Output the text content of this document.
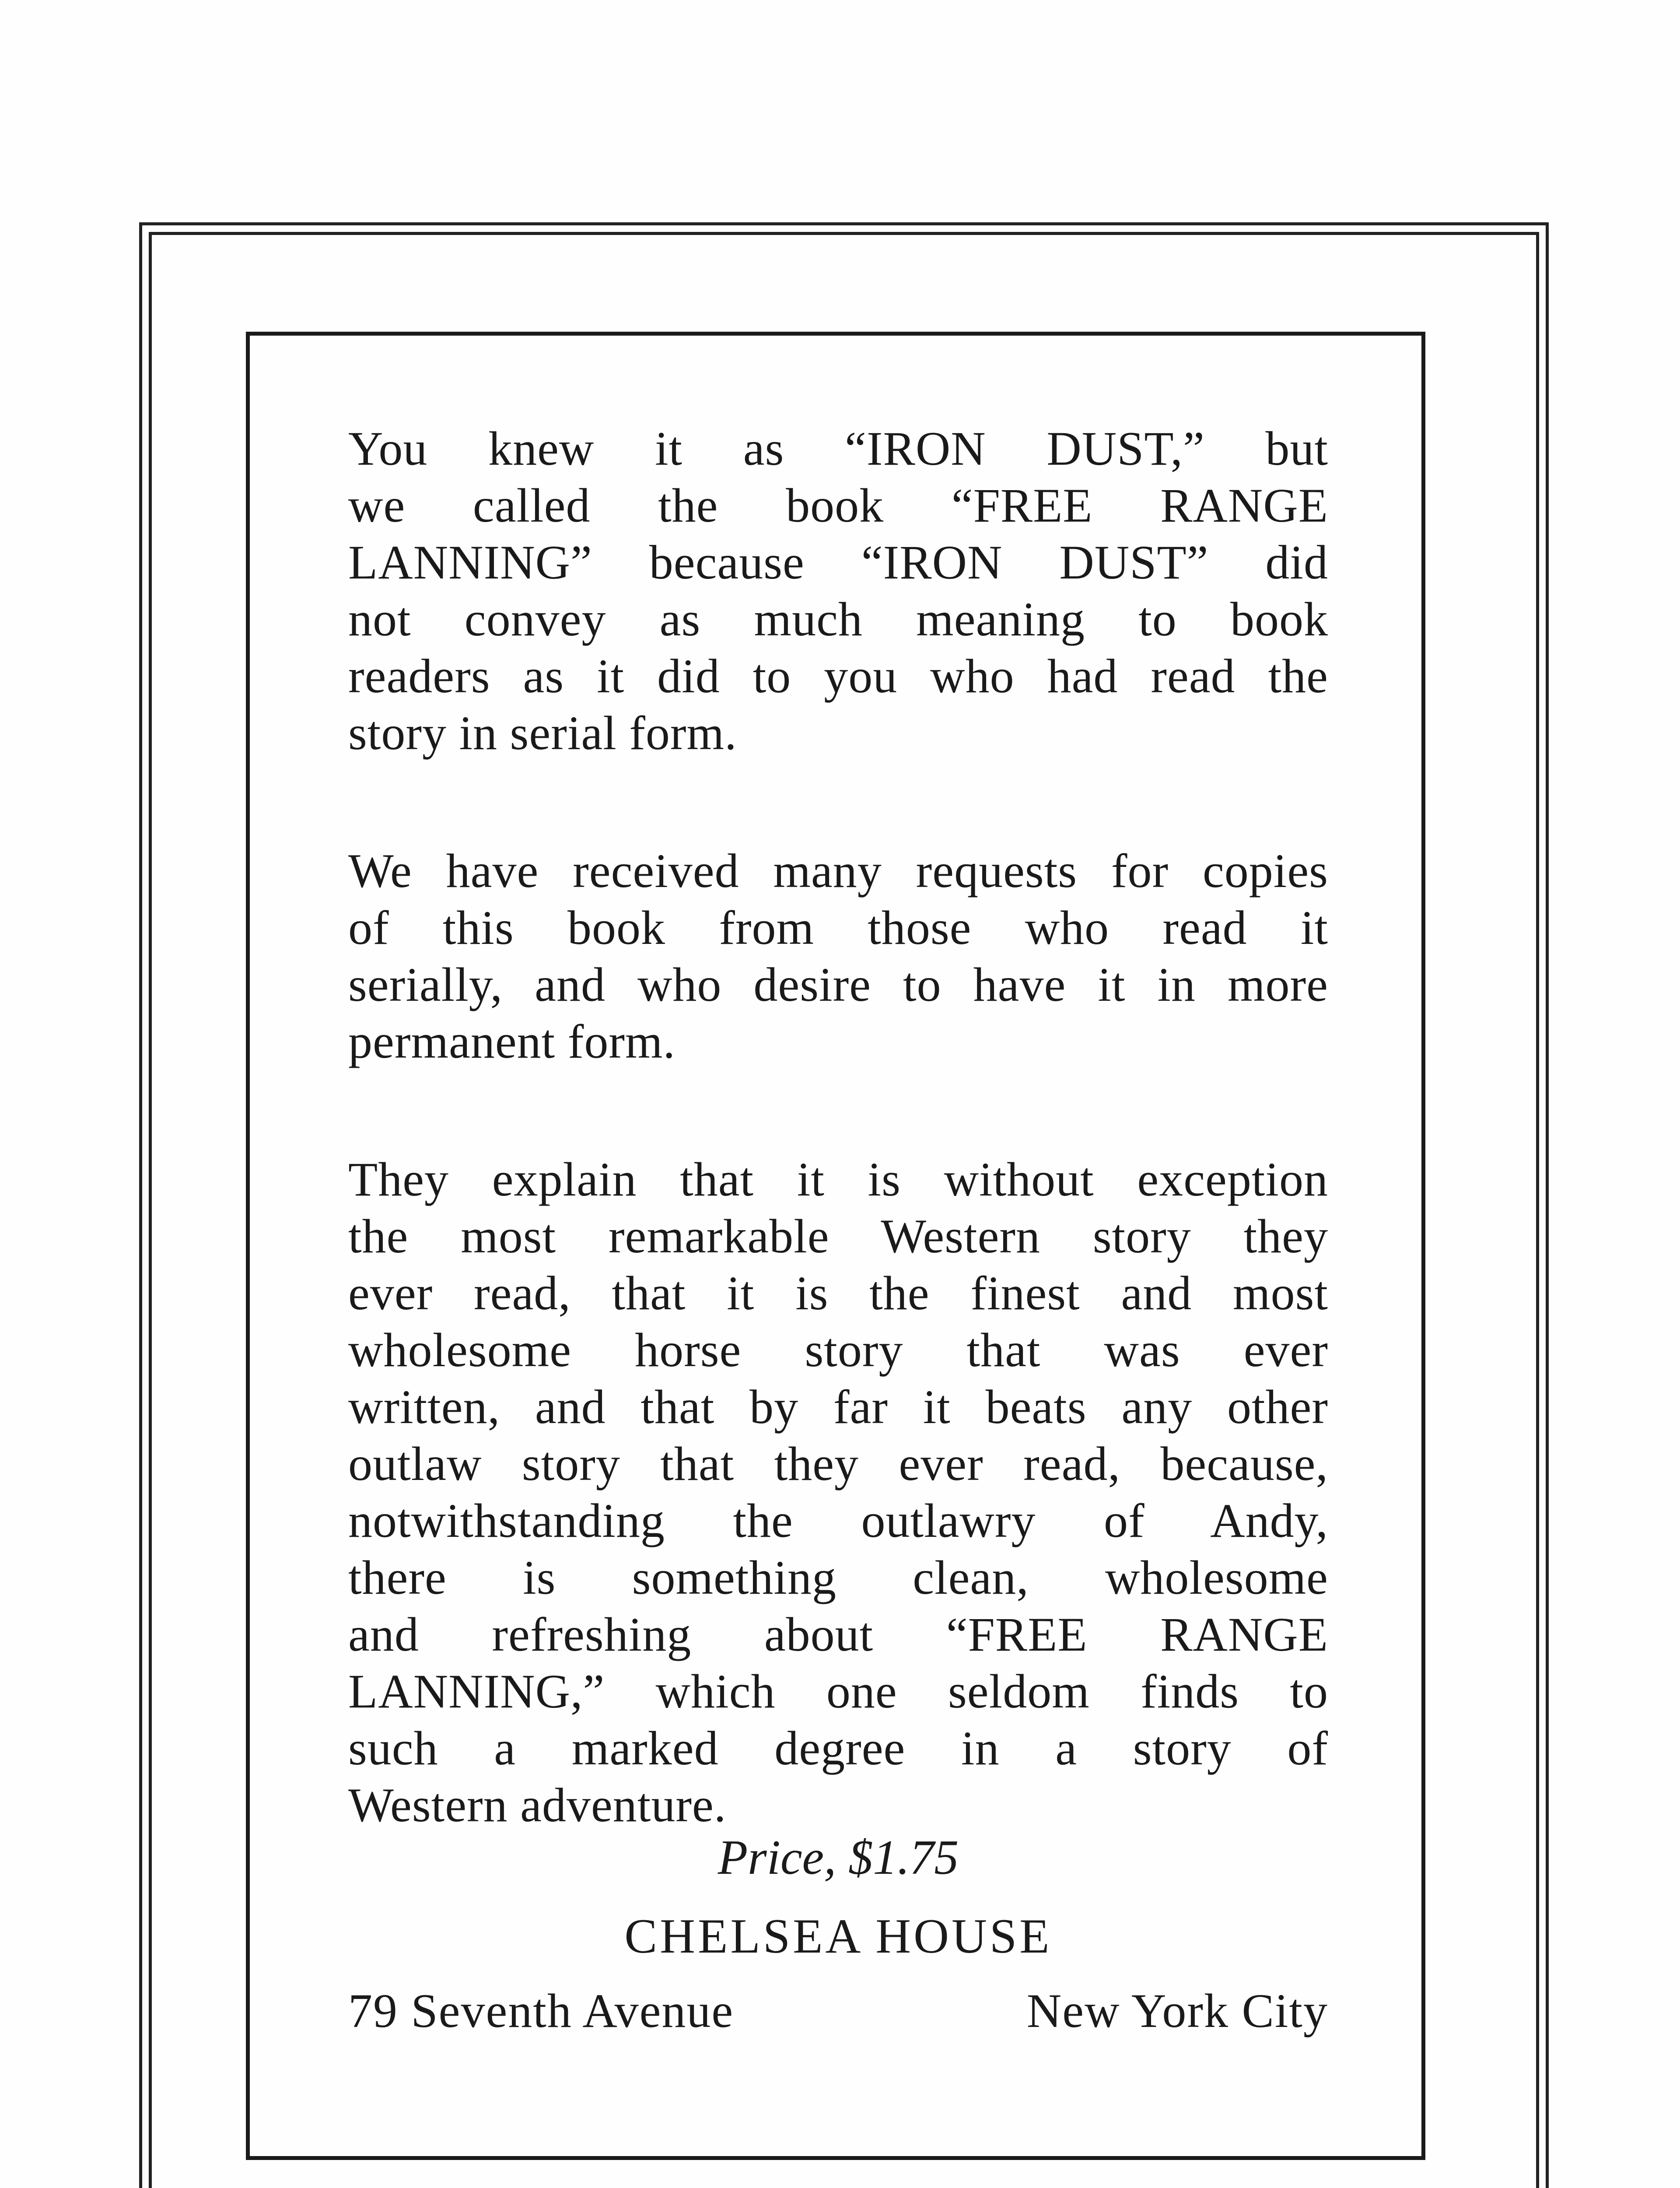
You knew it as “IRON DUST,” but
we called the book “FREE RANGE
LANNING” because “IRON DUST” did
not convey as much meaning to book
readers as it did to you who had read the
story in serial form.

We have received many requests for copies
of this book from those who read it
serially, and who desire to have it in more
permanent form.

They explain that it is without exception
the most remarkable Western story they
ever read, that it is the finest and most
wholesome horse story that was ever
written, and that by far it beats any other
outlaw story that they ever read, because,
notwithstanding the outlawry of Andy,
there is something clean, wholesome
and refreshing about “FREE RANGE
LANNING,” which one seldom finds to
such a marked degree in a story of
Western adventure.

Price, $1.75
CHELSEA HOUSE
79 Seventh Avenue	New York City
